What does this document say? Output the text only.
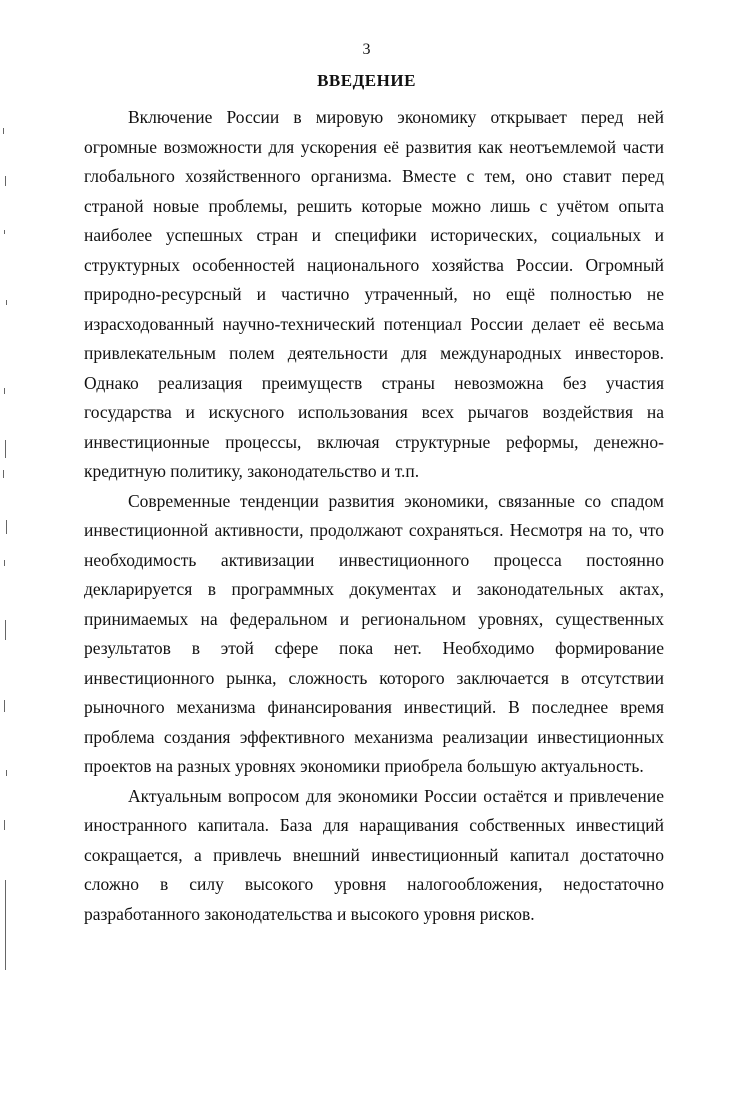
3
ВВЕДЕНИЕ

Включение России в мировую экономику открывает перед ней огромные возможности для ускорения её развития как неотъемлемой части глобального хозяйственного организма. Вместе с тем, оно ставит перед страной новые проблемы, решить которые можно лишь с учётом опыта наиболее успешных стран и специфики исторических, социальных и структурных особенностей национального хозяйства России. Огромный природно-ресурсный и частично утраченный, но ещё полностью не израсходованный научно-технический потенциал России делает её весьма привлекательным полем деятельности для международных инвесторов. Однако реализация преимуществ страны невозможна без участия государства и искусного использования всех рычагов воздействия на инвестиционные процессы, включая структурные реформы, денежно-кредитную политику, законодательство и т.п.

Современные тенденции развития экономики, связанные со спадом инвестиционной активности, продолжают сохраняться. Несмотря на то, что необходимость активизации инвестиционного процесса постоянно декларируется в программных документах и законодательных актах, принимаемых на федеральном и региональном уровнях, существенных результатов в этой сфере пока нет. Необходимо формирование инвестиционного рынка, сложность которого заключается в отсутствии рыночного механизма финансирования инвестиций. В последнее время проблема создания эффективного механизма реализации инвестиционных проектов на разных уровнях экономики приобрела большую актуальность.

Актуальным вопросом для экономики России остаётся и привлечение иностранного капитала. База для наращивания собственных инвестиций сокращается, а привлечь внешний инвестиционный капитал достаточно сложно в силу высокого уровня налогообложения, недостаточно разработанного законодательства и высокого уровня рисков.
